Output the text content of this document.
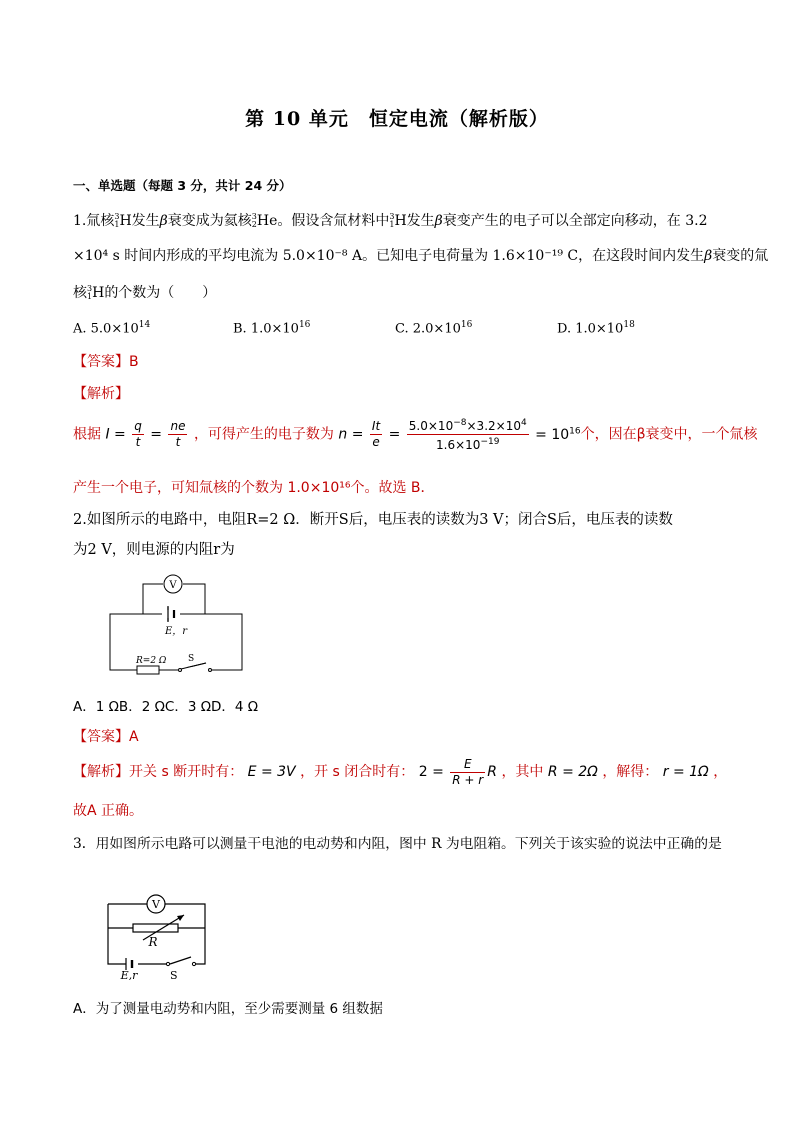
第 10 单元　恒定电流（解析版）
一、单选题（每题 3 分，共计 24 分）
1.氚核3
1H发生β衰变成为氦核3
2He。假设含氚材料中3
1H发生β衰变产生的电子可以全部定向移动，在 3.2
×10⁴ s 时间内形成的平均电流为 5.0×10⁻⁸ A。已知电子电荷量为 1.6×10⁻¹⁹ C，在这段时间内发生β衰变的氚
核3
1H的个数为（　　）
A. $5.0\times 10^{14}$	B. $1.0\times 10^{16}$	C. $2.0\times 10^{16}$	D. $1.0\times 10^{18}$
【答案】B
【解析】
根据 $I = \frac{q}{t} = \frac{ne}{t}$ ，可得产生的电子数为 $n = \frac{It}{e} = \frac{5.0\times 10^{-8}\times 3.2\times 10^4}{1.6\times 10^{-19}} = 10^{16}$个，因在β衰变中，一个氚核
产生一个电子，可知氚核的个数为 1.0×10¹⁶个。故选 B．
2.如图所示的电路中，电阻R=2 Ω．断开S后，电压表的读数为3 V；闭合S后，电压表的读数
为2 V，则电源的内阻r为
V
E，r
R=2 Ω S
A．1 ΩB．2 ΩC．3 ΩD．4 Ω
【答案】A
【解析】开关 s 断开时有： E = 3V ，开 s 闭合时有： $2 = \frac{E}{R + r}$ R ，其中 R = 2Ω ，解得： r = 1Ω ，
故A 正确。
3．用如图所示电路可以测量干电池的电动势和内阻，图中 R 为电阻箱。下列关于该实验的说法中正确的是
V
R
E,r	S
A．为了测量电动势和内阻，至少需要测量 6 组数据
